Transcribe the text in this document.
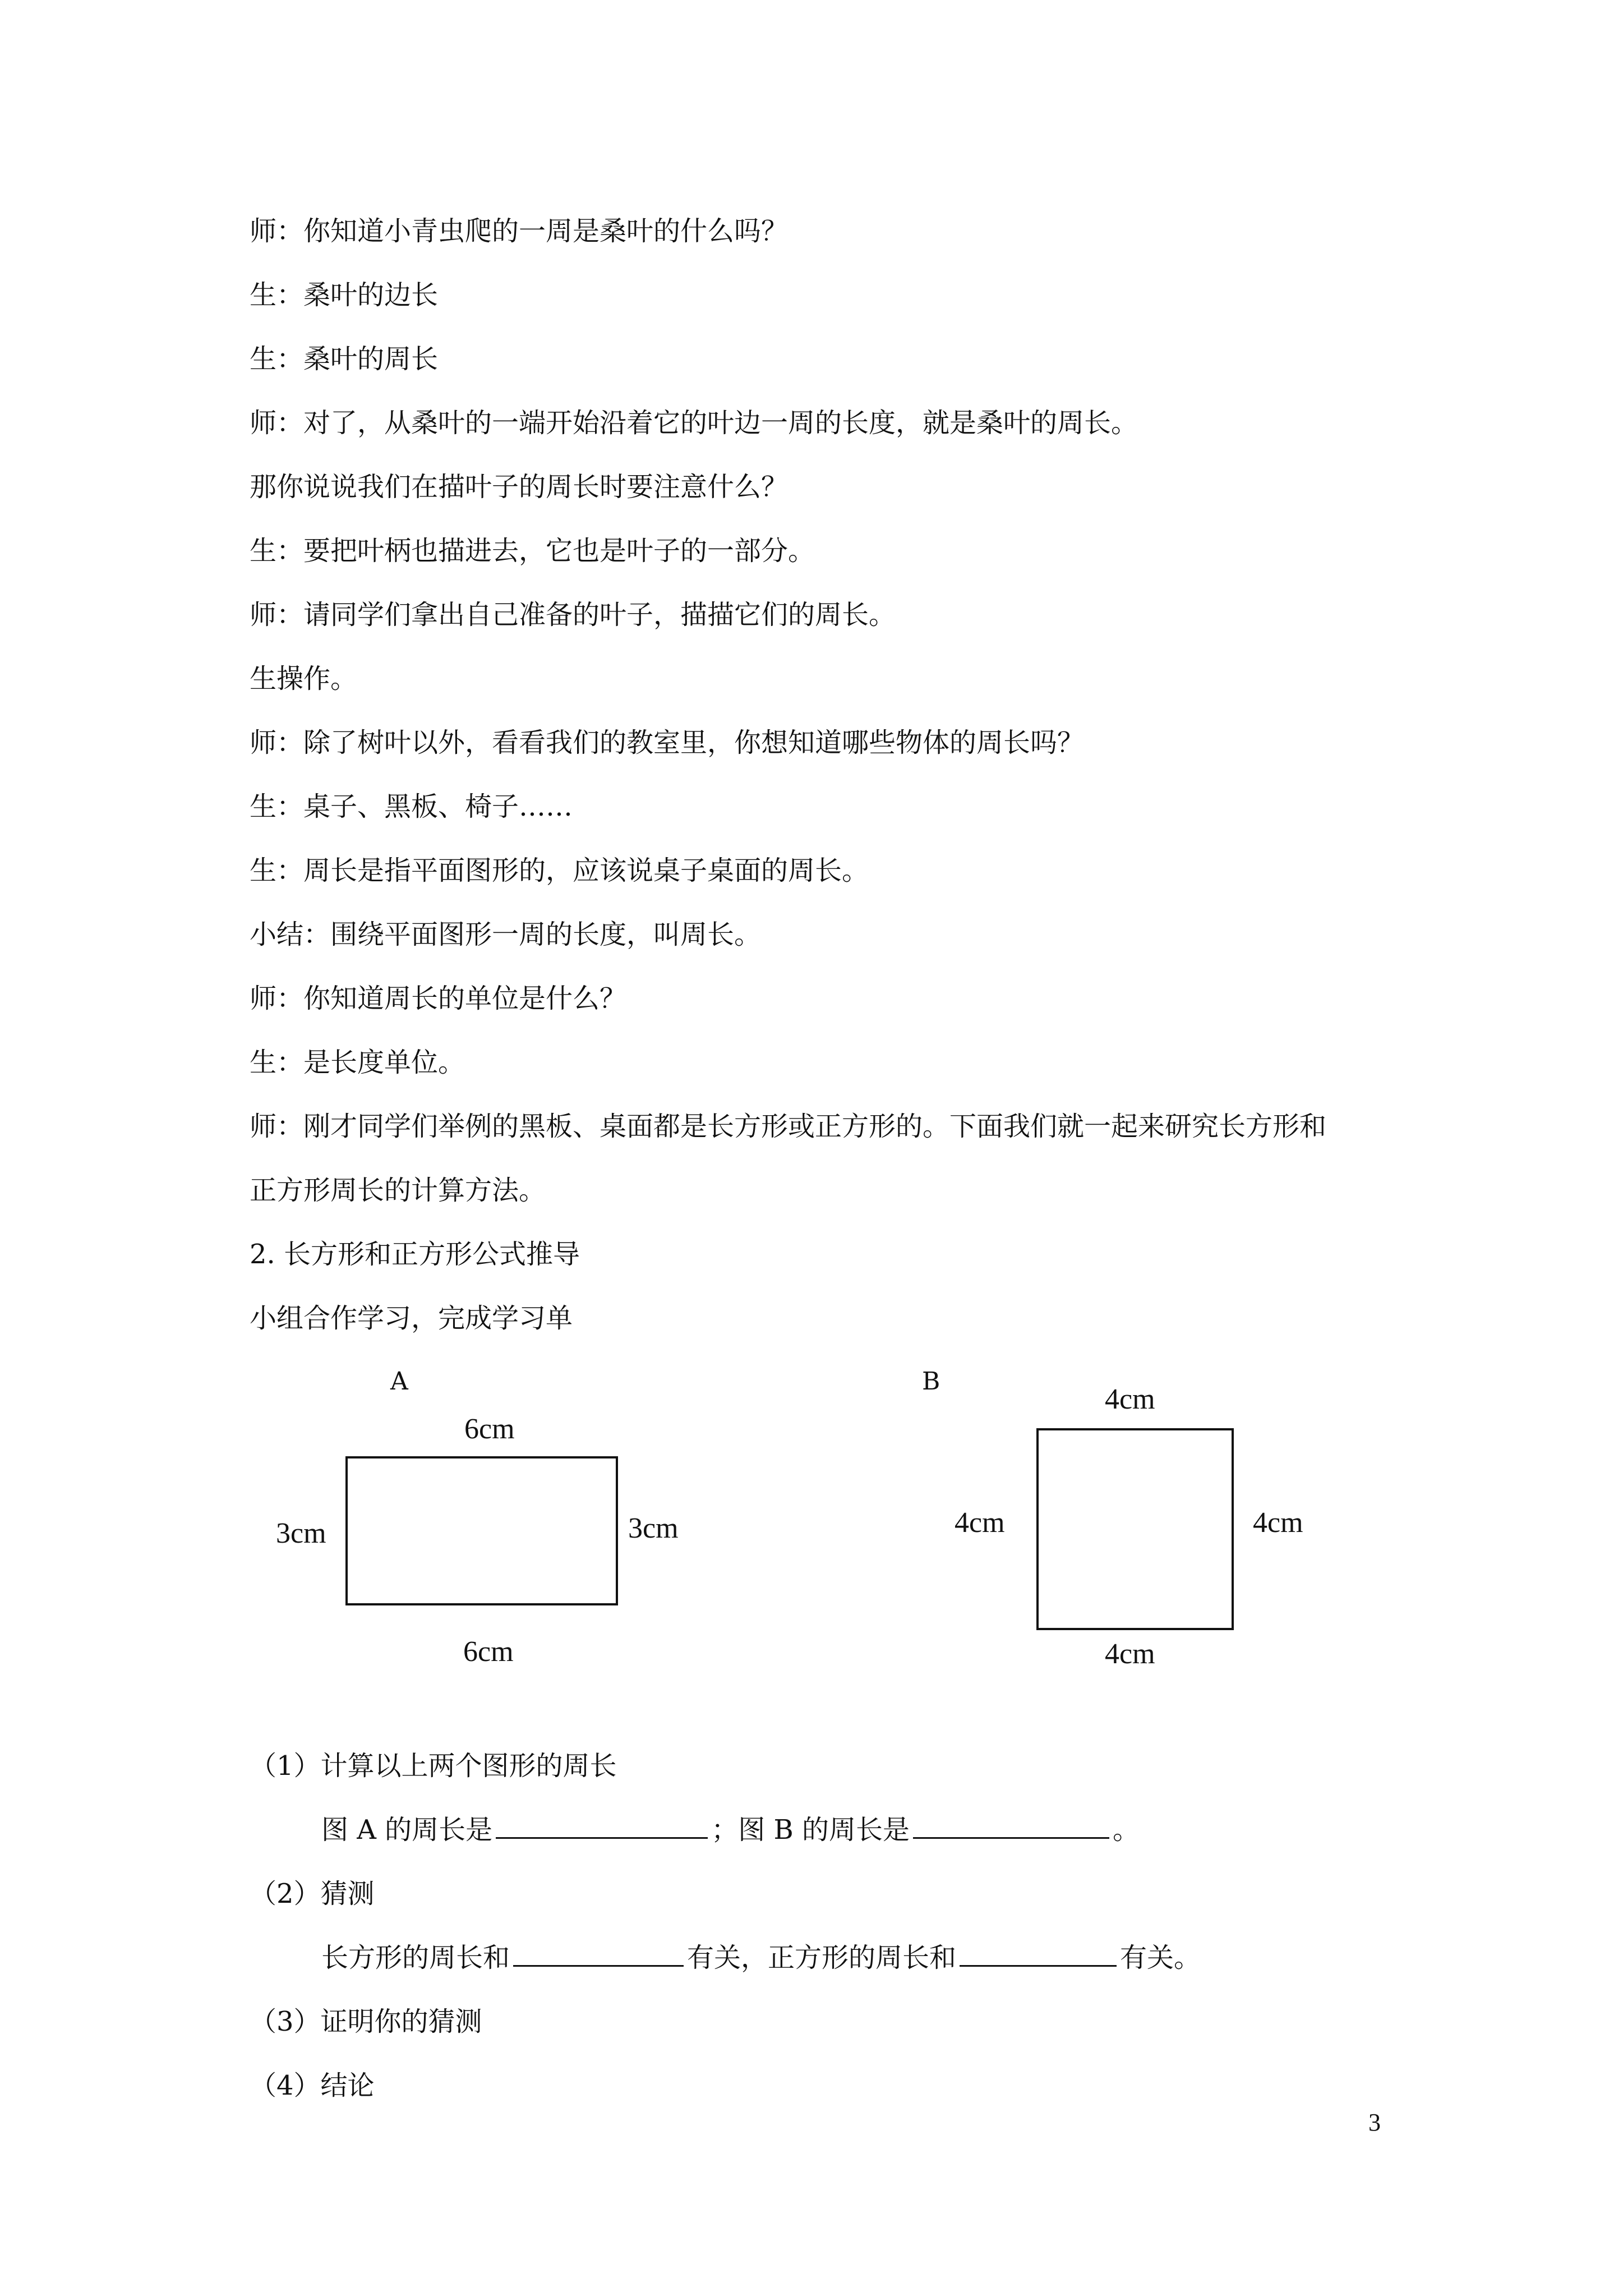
师：你知道小青虫爬的一周是桑叶的什么吗？
生：桑叶的边长
生：桑叶的周长
师：对了，从桑叶的一端开始沿着它的叶边一周的长度，就是桑叶的周长。
那你说说我们在描叶子的周长时要注意什么？
生：要把叶柄也描进去，它也是叶子的一部分。
师：请同学们拿出自己准备的叶子，描描它们的周长。
生操作。
师：除了树叶以外，看看我们的教室里，你想知道哪些物体的周长吗？
生：桌子、黑板、椅子……
生：周长是指平面图形的，应该说桌子桌面的周长。
小结：围绕平面图形一周的长度，叫周长。
师：你知道周长的单位是什么？
生：是长度单位。
师：刚才同学们举例的黑板、桌面都是长方形或正方形的。下面我们就一起来研究长方形和
正方形周长的计算方法。
2. 长方形和正方形公式推导
小组合作学习，完成学习单
A
6cm
3cm	3cm
6cm
B
4cm
4cm	4cm
4cm
（1）计算以上两个图形的周长
图 A 的周长是	；图 B 的周长是	。
（2）猜测
长方形的周长和	有关，正方形的周长和	有关。
（3）证明你的猜测
（4）结论
3
